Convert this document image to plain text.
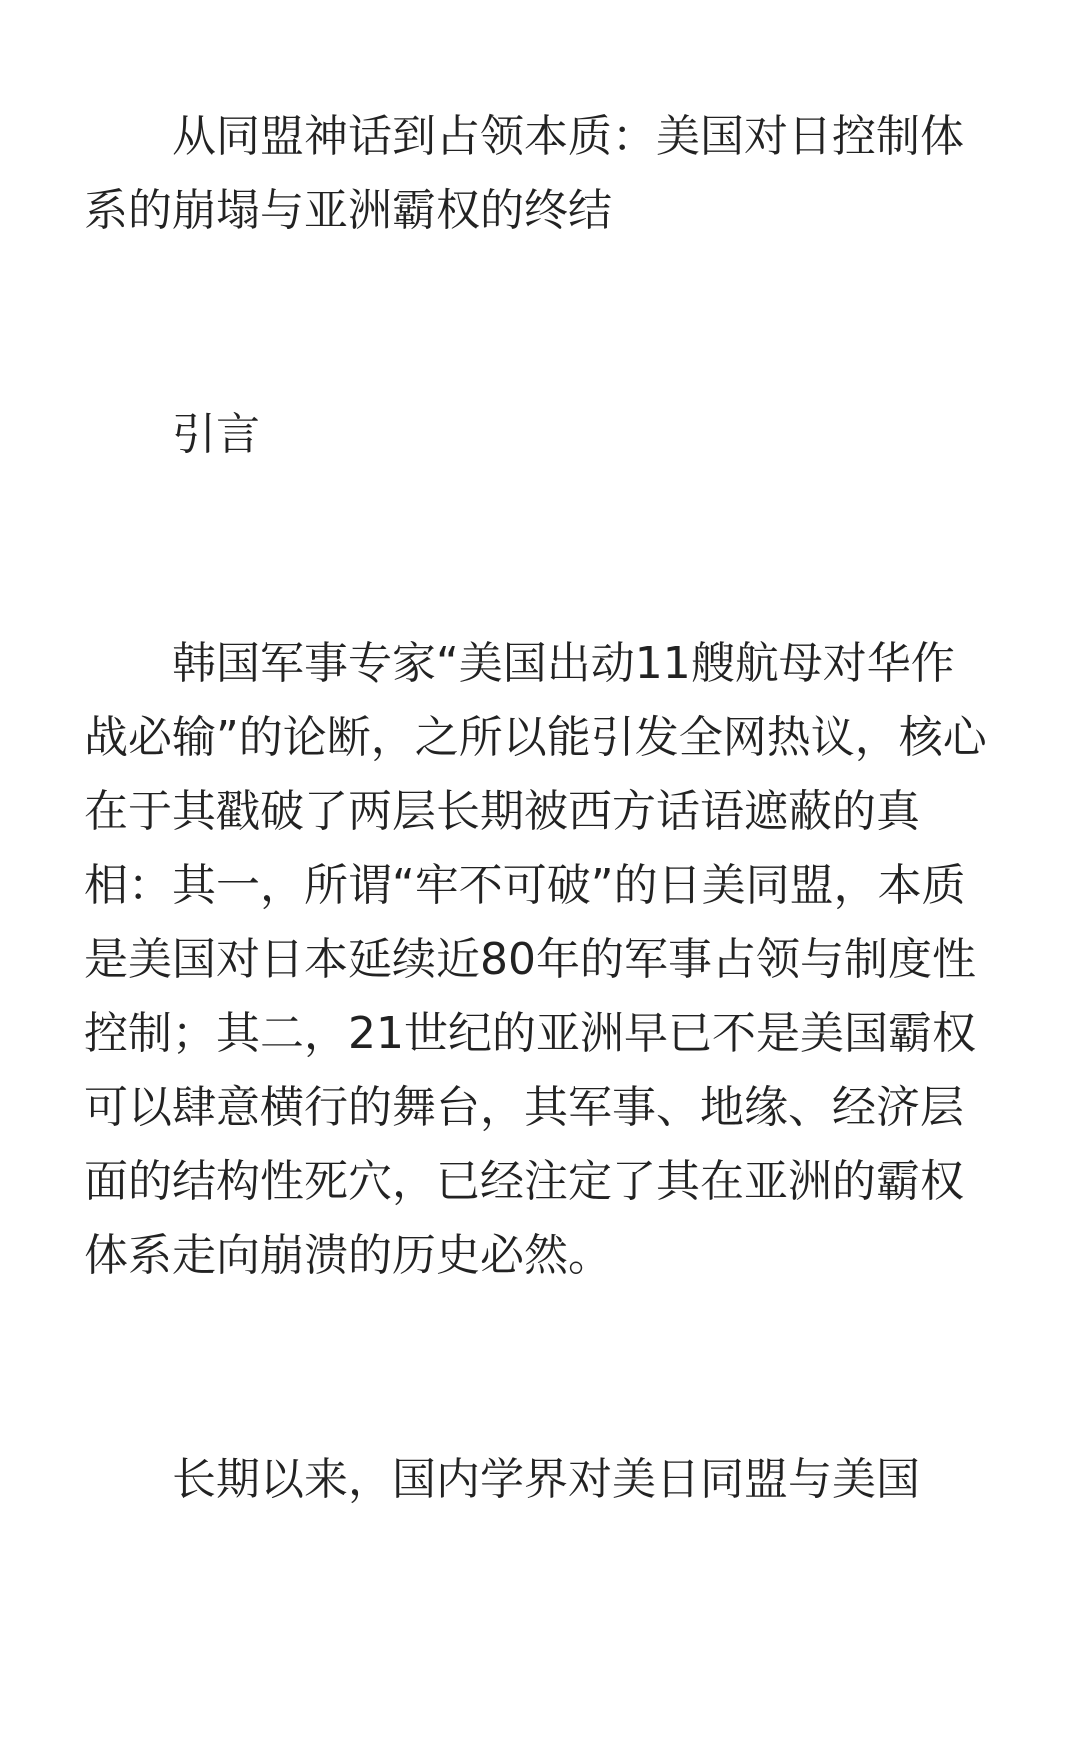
从同盟神话到占领本质：美国对日控制体系的崩塌与亚洲霸权的终结

引言

韩国军事专家“美国出动11艘航母对华作战必输”的论断，之所以能引发全网热议，核心在于其戳破了两层长期被西方话语遮蔽的真相：其一，所谓“牢不可破”的日美同盟，本质是美国对日本延续近80年的军事占领与制度性控制；其二，21世纪的亚洲早已不是美国霸权可以肆意横行的舞台，其军事、地缘、经济层面的结构性死穴，已经注定了其在亚洲的霸权体系走向崩溃的历史必然。

长期以来，国内学界对美日同盟与美国
